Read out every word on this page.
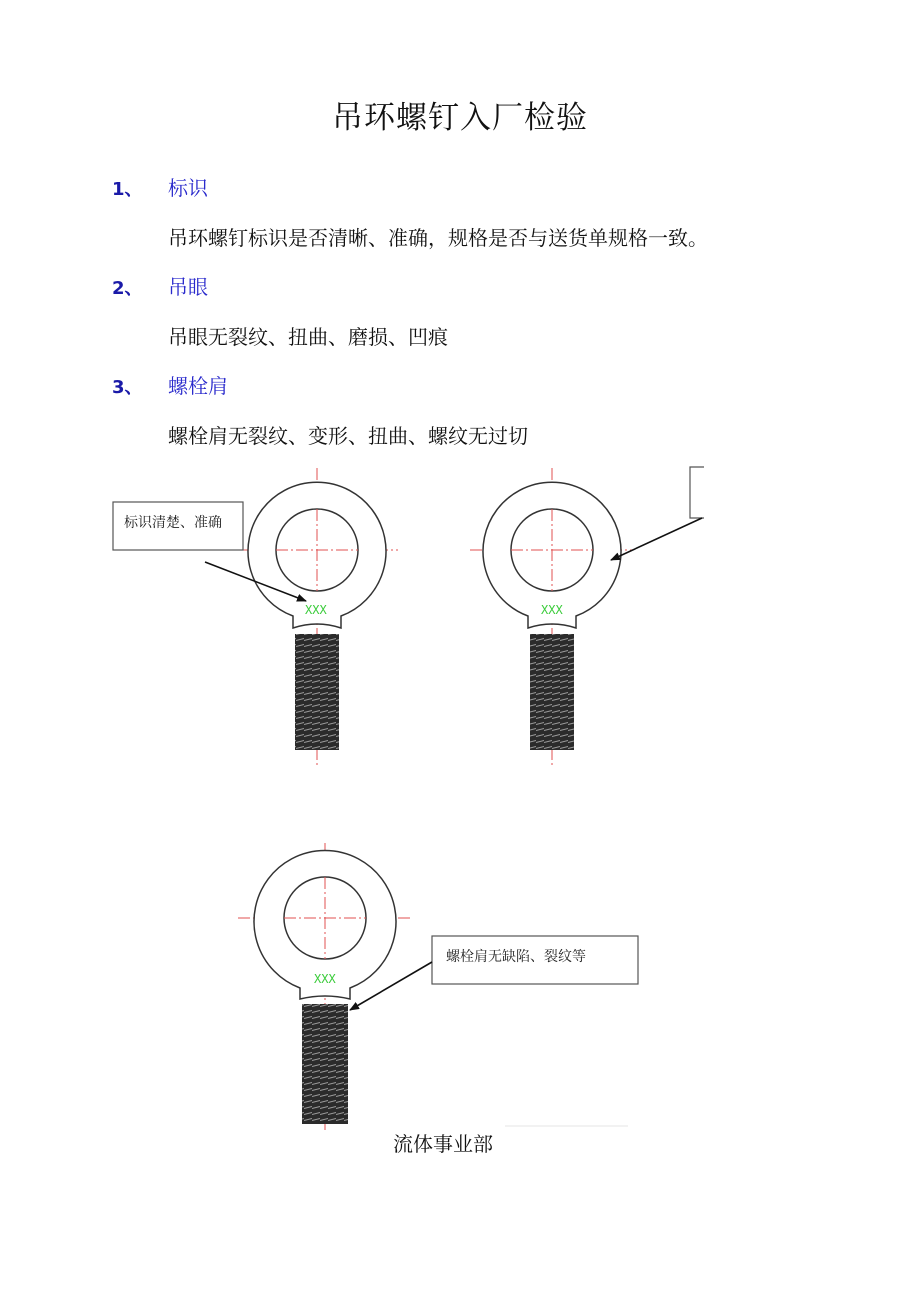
吊环螺钉入厂检验
1、 标识
吊环螺钉标识是否清晰、准确，规格是否与送货单规格一致。
2、 吊眼
吊眼无裂纹、扭曲、磨损、凹痕
3、 螺栓肩
螺栓肩无裂纹、变形、扭曲、螺纹无过切
XXX	XXX
XXX
标识清楚、准确
螺栓肩无缺陷、裂纹等
流体事业部
